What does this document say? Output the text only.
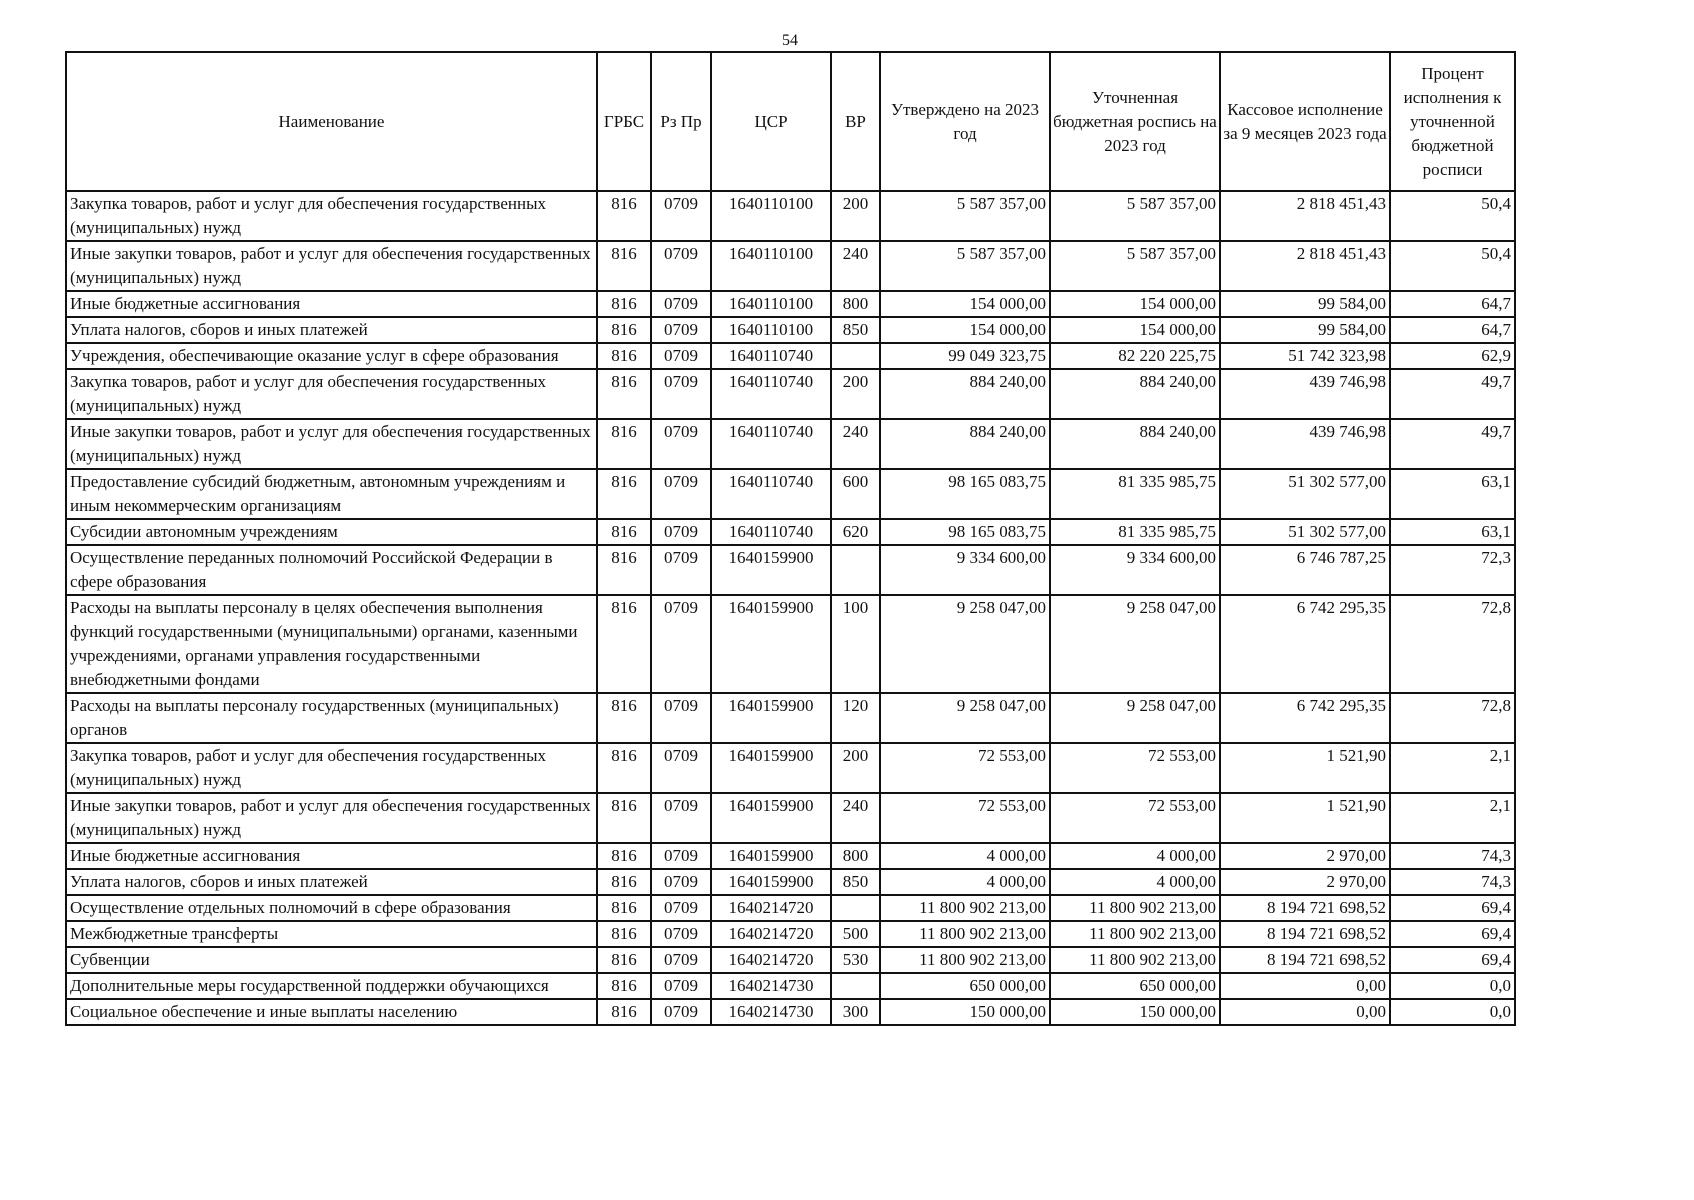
54
Наименование	ГРБС	Рз Пр	ЦСР	ВР	Утверждено на 2023 год	Уточненная бюджетная роспись на 2023 год	Кассовое исполнение за 9 месяцев 2023 года	Процент исполнения к уточненной бюджетной росписи
Закупка товаров, работ и услуг для обеспечения государственных (муниципальных) нужд	816	0709	1640110100	200	5 587 357,00	5 587 357,00	2 818 451,43	50,4
Иные закупки товаров, работ и услуг для обеспечения государственных (муниципальных) нужд	816	0709	1640110100	240	5 587 357,00	5 587 357,00	2 818 451,43	50,4
Иные бюджетные ассигнования	816	0709	1640110100	800	154 000,00	154 000,00	99 584,00	64,7
Уплата налогов, сборов и иных платежей	816	0709	1640110100	850	154 000,00	154 000,00	99 584,00	64,7
Учреждения, обеспечивающие оказание услуг в сфере образования	816	0709	1640110740		99 049 323,75	82 220 225,75	51 742 323,98	62,9
Закупка товаров, работ и услуг для обеспечения государственных (муниципальных) нужд	816	0709	1640110740	200	884 240,00	884 240,00	439 746,98	49,7
Иные закупки товаров, работ и услуг для обеспечения государственных (муниципальных) нужд	816	0709	1640110740	240	884 240,00	884 240,00	439 746,98	49,7
Предоставление субсидий бюджетным, автономным учреждениям и иным некоммерческим организациям	816	0709	1640110740	600	98 165 083,75	81 335 985,75	51 302 577,00	63,1
Субсидии автономным учреждениям	816	0709	1640110740	620	98 165 083,75	81 335 985,75	51 302 577,00	63,1
Осуществление переданных полномочий Российской Федерации в сфере образования	816	0709	1640159900		9 334 600,00	9 334 600,00	6 746 787,25	72,3
Расходы на выплаты персоналу в целях обеспечения выполнения функций государственными (муниципальными) органами, казенными учреждениями, органами управления государственными внебюджетными фондами	816	0709	1640159900	100	9 258 047,00	9 258 047,00	6 742 295,35	72,8
Расходы на выплаты персоналу государственных (муниципальных) органов	816	0709	1640159900	120	9 258 047,00	9 258 047,00	6 742 295,35	72,8
Закупка товаров, работ и услуг для обеспечения государственных (муниципальных) нужд	816	0709	1640159900	200	72 553,00	72 553,00	1 521,90	2,1
Иные закупки товаров, работ и услуг для обеспечения государственных (муниципальных) нужд	816	0709	1640159900	240	72 553,00	72 553,00	1 521,90	2,1
Иные бюджетные ассигнования	816	0709	1640159900	800	4 000,00	4 000,00	2 970,00	74,3
Уплата налогов, сборов и иных платежей	816	0709	1640159900	850	4 000,00	4 000,00	2 970,00	74,3
Осуществление отдельных полномочий в сфере образования	816	0709	1640214720		11 800 902 213,00	11 800 902 213,00	8 194 721 698,52	69,4
Межбюджетные трансферты	816	0709	1640214720	500	11 800 902 213,00	11 800 902 213,00	8 194 721 698,52	69,4
Субвенции	816	0709	1640214720	530	11 800 902 213,00	11 800 902 213,00	8 194 721 698,52	69,4
Дополнительные меры государственной поддержки обучающихся	816	0709	1640214730		650 000,00	650 000,00	0,00	0,0
Социальное обеспечение и иные выплаты населению	816	0709	1640214730	300	150 000,00	150 000,00	0,00	0,0
